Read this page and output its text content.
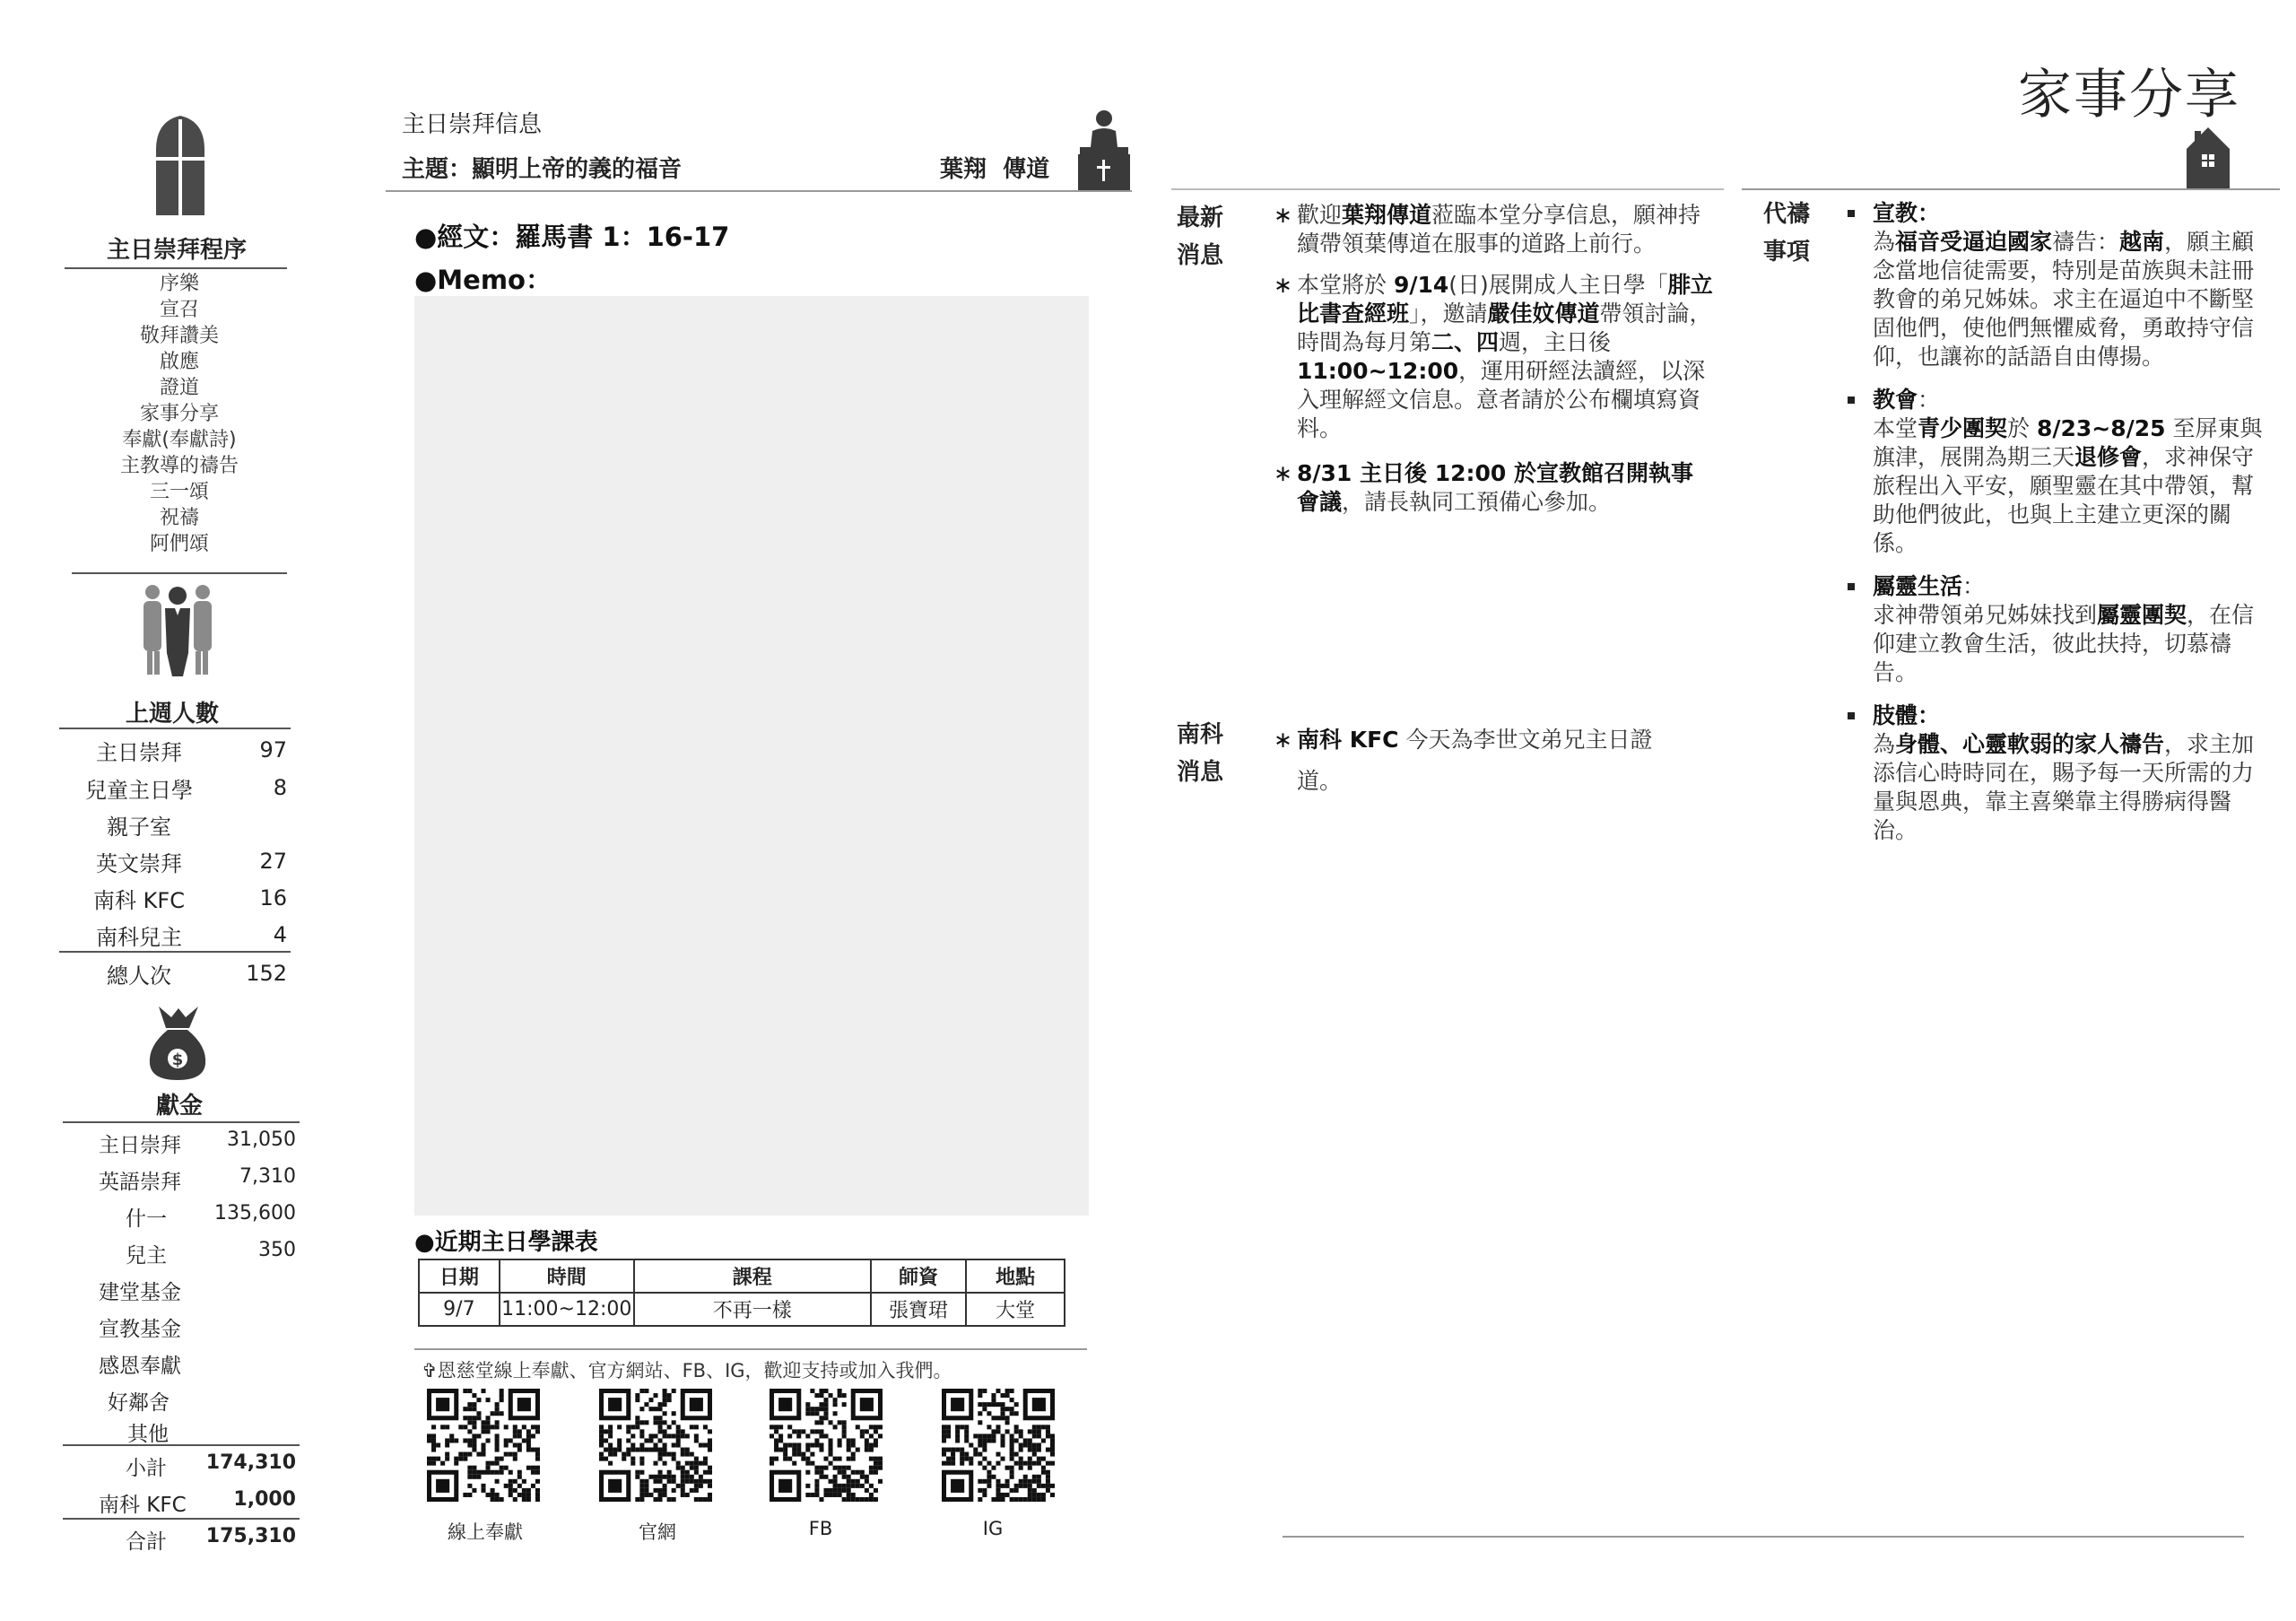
家事分享
主日崇拜程序
序樂
宣召
敬拜讚美
啟應
證道
家事分享
奉獻(奉獻詩)
主教導的禱告
三一頌
祝禱
阿們頌
上週人數
主日崇拜	97
兒童主日學	8
親子室
英文崇拜	27
南科 KFC	16
南科兒主	4
總人次	152
$
獻金
主日崇拜	31,050
英語崇拜	7,310
什一	135,600
兒主	350
建堂基金
宣教基金
感恩奉獻
好鄰舍
其他
小計	174,310
南科 KFC	1,000
合計	175,310
主日崇拜信息
主題：顯明上帝的義的福音	葉翔  傳道
●經文：羅馬書 1：16-17
●Memo：
●近期主日學課表
日期	時間	課程	師資	地點
9/7	11:00~12:00	不再一樣	張寶珺	大堂
✞恩慈堂線上奉獻、官方網站、FB、IG，歡迎支持或加入我們。
線上奉獻	官網	FB	IG
最新
消息
∗ 歡迎葉翔傳道蒞臨本堂分享信息，願神持續帶領葉傳道在服事的道路上前行。
∗ 本堂將於 9/14(日)展開成人主日學「腓立比書查經班」，邀請嚴佳妏傳道帶領討論，時間為每月第二、四週，主日後 11:00~12:00，運用研經法讀經，以深入理解經文信息。意者請於公布欄填寫資料。
∗ 8/31 主日後 12:00 於宣教館召開執事會議，請長執同工預備心參加。
南科
消息
∗ 南科 KFC 今天為李世文弟兄主日證
道。
代禱
事項
宣教：
為福音受逼迫國家禱告：越南，願主顧念當地信徒需要，特別是苗族與未註冊教會的弟兄姊妹。求主在逼迫中不斷堅固他們，使他們無懼威脅，勇敢持守信仰，也讓祢的話語自由傳揚。
教會：
本堂青少團契於 8/23~8/25 至屏東與旗津，展開為期三天退修會，求神保守旅程出入平安，願聖靈在其中帶領，幫助他們彼此，也與上主建立更深的關係。
屬靈生活：
求神帶領弟兄姊妹找到屬靈團契，在信仰建立教會生活，彼此扶持，切慕禱告。
肢體：
為身體、心靈軟弱的家人禱告，求主加添信心時時同在，賜予每一天所需的力量與恩典，靠主喜樂靠主得勝病得醫治。
